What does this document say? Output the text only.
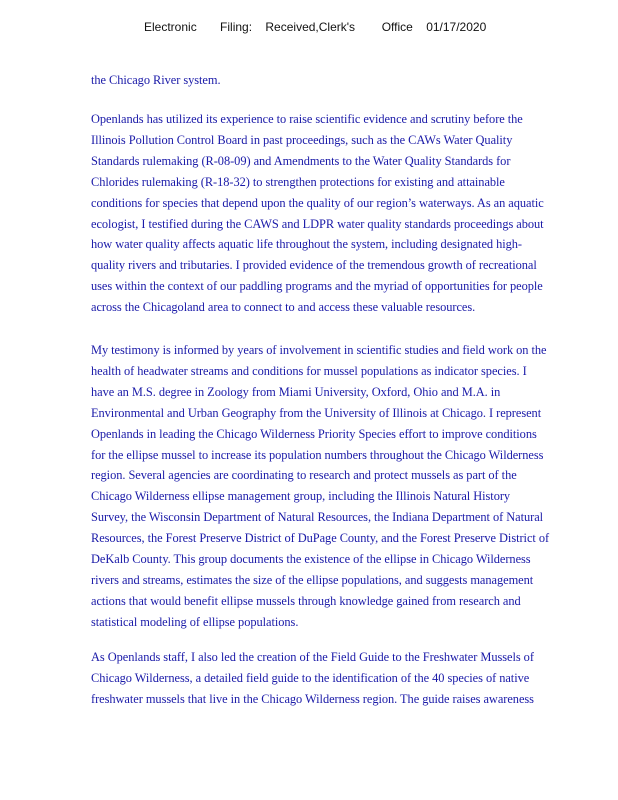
Electronic Filing: Received,Clerk's Office 01/17/2020
the Chicago River system.
Openlands has utilized its experience to raise scientific evidence and scrutiny before the
Illinois Pollution Control Board in past proceedings, such as the CAWs Water Quality
Standards rulemaking (R-08-09) and Amendments to the Water Quality Standards for
Chlorides rulemaking (R-18-32) to strengthen protections for existing and attainable
conditions for species that depend upon the quality of our region’s waterways. As an aquatic
ecologist, I testified during the CAWS and LDPR water quality standards proceedings about
how water quality affects aquatic life throughout the system, including designated high-
quality rivers and tributaries. I provided evidence of the tremendous growth of recreational
uses within the context of our paddling programs and the myriad of opportunities for people
across the Chicagoland area to connect to and access these valuable resources.
My testimony is informed by years of involvement in scientific studies and field work on the
health of headwater streams and conditions for mussel populations as indicator species. I
have an M.S. degree in Zoology from Miami University, Oxford, Ohio and M.A. in
Environmental and Urban Geography from the University of Illinois at Chicago. I represent
Openlands in leading the Chicago Wilderness Priority Species effort to improve conditions
for the ellipse mussel to increase its population numbers throughout the Chicago Wilderness
region. Several agencies are coordinating to research and protect mussels as part of the
Chicago Wilderness ellipse management group, including the Illinois Natural History
Survey, the Wisconsin Department of Natural Resources, the Indiana Department of Natural
Resources, the Forest Preserve District of DuPage County, and the Forest Preserve District of
DeKalb County. This group documents the existence of the ellipse in Chicago Wilderness
rivers and streams, estimates the size of the ellipse populations, and suggests management
actions that would benefit ellipse mussels through knowledge gained from research and
statistical modeling of ellipse populations.
As Openlands staff, I also led the creation of the Field Guide to the Freshwater Mussels of
Chicago Wilderness, a detailed field guide to the identification of the 40 species of native
freshwater mussels that live in the Chicago Wilderness region. The guide raises awareness
